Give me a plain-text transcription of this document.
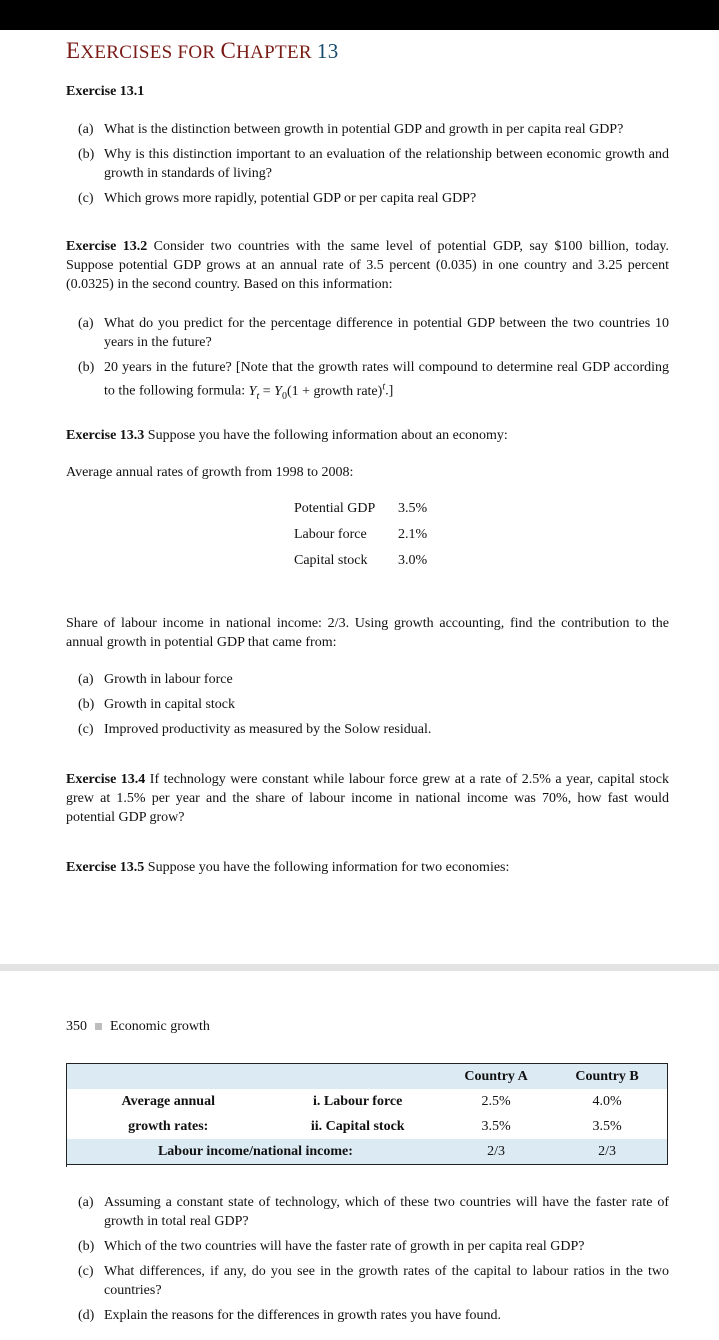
EXERCISES FOR CHAPTER 13

Exercise 13.1

(a) What is the distinction between growth in potential GDP and growth in per capita real GDP?
(b) Why is this distinction important to an evaluation of the relationship between economic growth and growth in standards of living?
(c) Which grows more rapidly, potential GDP or per capita real GDP?

Exercise 13.2 Consider two countries with the same level of potential GDP, say $100 billion, today. Suppose potential GDP grows at an annual rate of 3.5 percent (0.035) in one country and 3.25 percent (0.0325) in the second country. Based on this information:

(a) What do you predict for the percentage difference in potential GDP between the two countries 10 years in the future?
(b) 20 years in the future? [Note that the growth rates will compound to determine real GDP according to the following formula: $Y_t = Y_0(1$ + growth rate)$^t$.]

Exercise 13.3 Suppose you have the following information about an economy:

Average annual rates of growth from 1998 to 2008:

Potential GDP	3.5%
Labour force	2.1%
Capital stock	3.0%

Share of labour income in national income: 2/3. Using growth accounting, find the contribution to the annual growth in potential GDP that came from:

(a) Growth in labour force
(b) Growth in capital stock
(c) Improved productivity as measured by the Solow residual.

Exercise 13.4 If technology were constant while labour force grew at a rate of 2.5% a year, capital stock grew at 1.5% per year and the share of labour income in national income was 70%, how fast would potential GDP grow?

Exercise 13.5 Suppose you have the following information for two economies:

350 Economic growth
		Country A	Country B
Average annual	i. Labour force	2.5%	4.0%
growth rates:	ii. Capital stock	3.5%	3.5%
Labour income/national income:		2/3	2/3
(a) Assuming a constant state of technology, which of these two countries will have the faster rate of growth in total real GDP?
(b) Which of the two countries will have the faster rate of growth in per capita real GDP?
(c) What differences, if any, do you see in the growth rates of the capital to labour ratios in the two countries?
(d) Explain the reasons for the differences in growth rates you have found.
